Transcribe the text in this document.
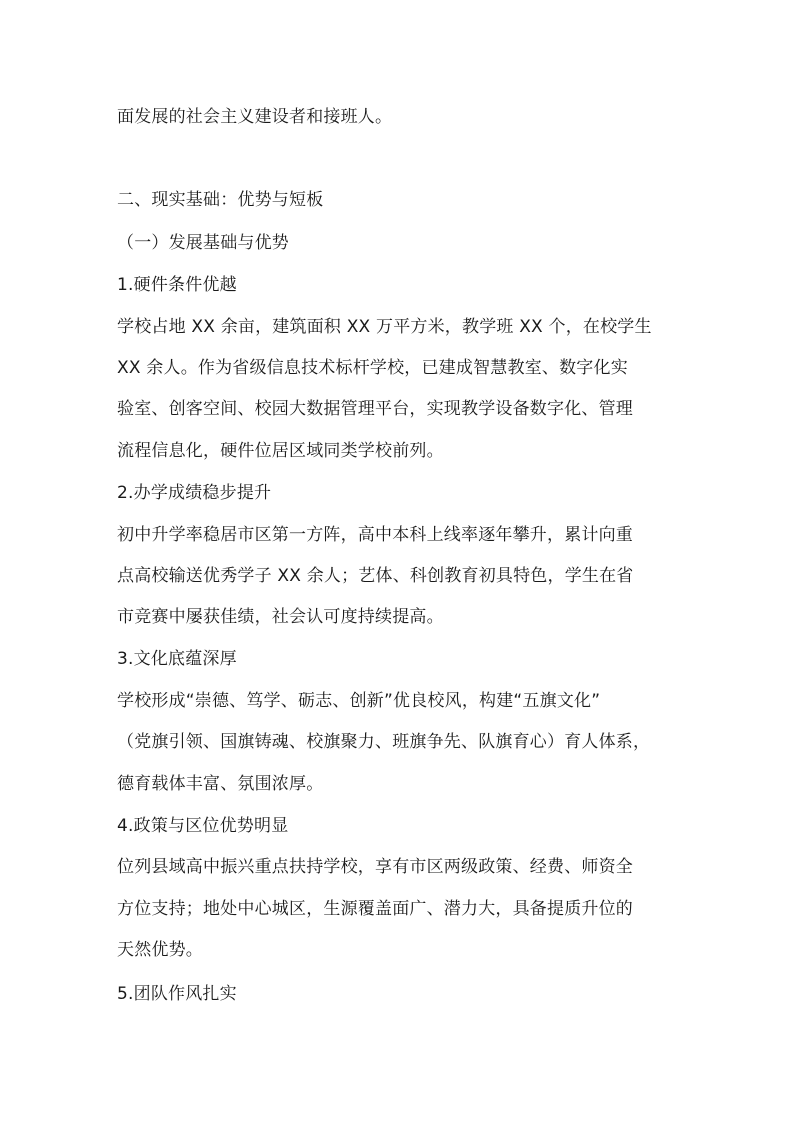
面发展的社会主义建设者和接班人。
二、现实基础：优势与短板
（一）发展基础与优势
1.硬件条件优越
学校占地 XX 余亩，建筑面积 XX 万平方米，教学班 XX 个，在校学生
XX 余人。作为省级信息技术标杆学校，已建成智慧教室、数字化实
验室、创客空间、校园大数据管理平台，实现教学设备数字化、管理
流程信息化，硬件位居区域同类学校前列。
2.办学成绩稳步提升
初中升学率稳居市区第一方阵，高中本科上线率逐年攀升，累计向重
点高校输送优秀学子 XX 余人；艺体、科创教育初具特色，学生在省
市竞赛中屡获佳绩，社会认可度持续提高。
3.文化底蕴深厚
学校形成“崇德、笃学、砺志、创新”优良校风，构建“五旗文化”
（党旗引领、国旗铸魂、校旗聚力、班旗争先、队旗育心）育人体系，
德育载体丰富、氛围浓厚。
4.政策与区位优势明显
位列县域高中振兴重点扶持学校，享有市区两级政策、经费、师资全
方位支持；地处中心城区，生源覆盖面广、潜力大，具备提质升位的
天然优势。
5.团队作风扎实
